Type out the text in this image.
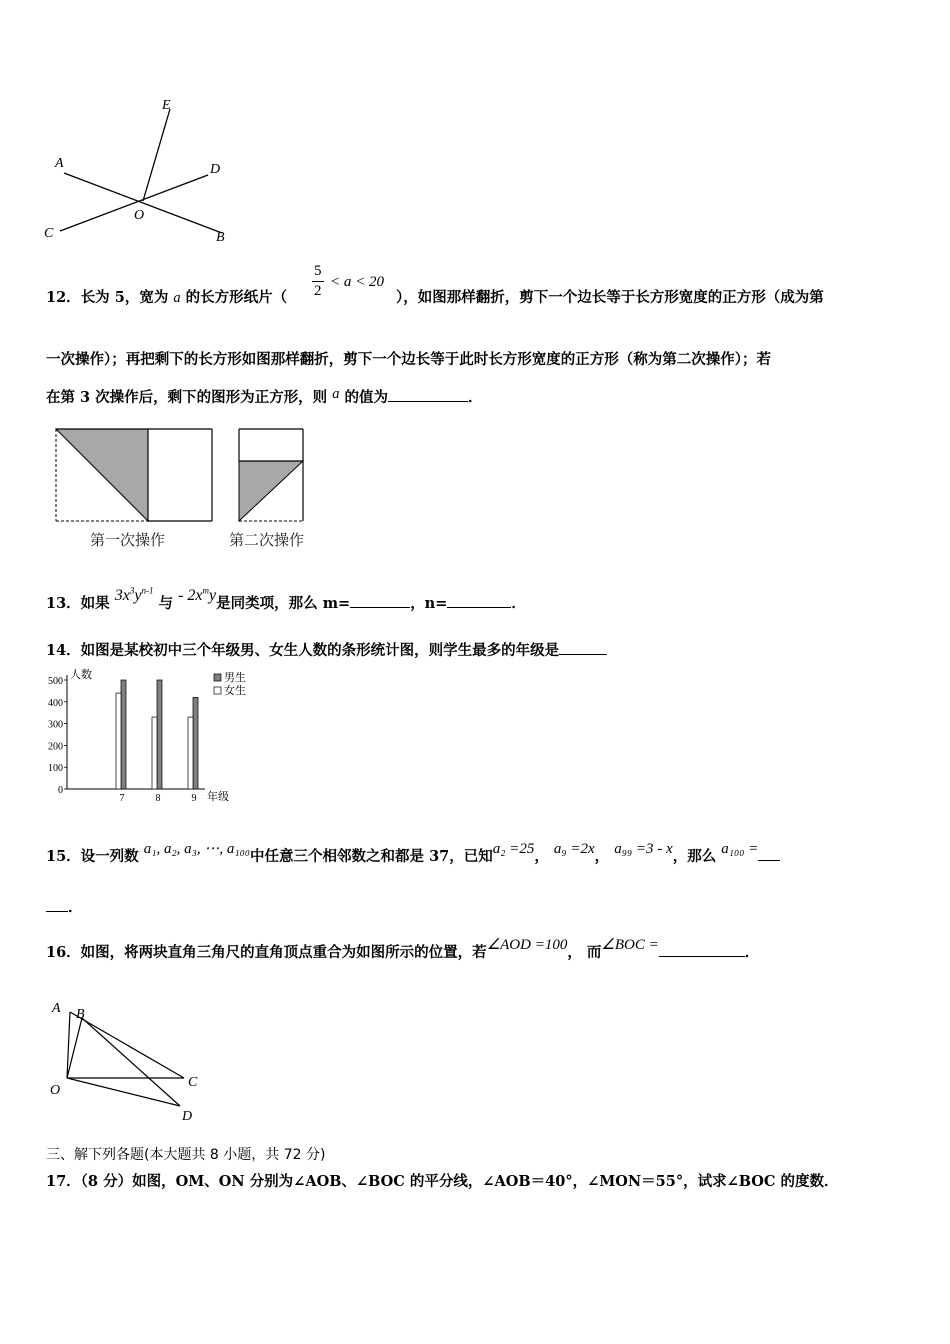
E
A	D
O
C	B
12．长为 5，宽为 a 的长方形纸片（
5
2
< a < 20
），如图那样翻折，剪下一个边长等于长方形宽度的正方形（成为第
一次操作）；再把剩下的长方形如图那样翻折，剪下一个边长等于此时长方形宽度的正方形（称为第二次操作）；若
在第 3 次操作后，剩下的图形为正方形，则 a 的值为	．
第一次操作	第二次操作
13．如果 $3x^3y^{n-1}$ 与 - $2x^my$是同类项，那么 m=	，n=	．
14．如图是某校初中三个年级男、女生人数的条形统计图，则学生最多的年级是
人数
年级
0
100
200
300
400
500
7	8	9
男生
女生
15．设一列数 a₁, a₂, a₃, ⋯, a₁₀₀中任意三个相邻数之和都是 37，已知a₂ =25， a₉ =2x， a₉₉ =3 - x，那么 a₁₀₀ =
．
16．如图，将两块直角三角尺的直角顶点重合为如图所示的位置，若∠AOD =100， 而∠BOC =	．
A B
O
C
D
三、解下列各题(本大题共 8 小题，共 72 分)
17．（8 分）如图，OM、ON 分别为∠AOB、∠BOC 的平分线，∠AOB＝40°，∠MON＝55°，试求∠BOC 的度数．
